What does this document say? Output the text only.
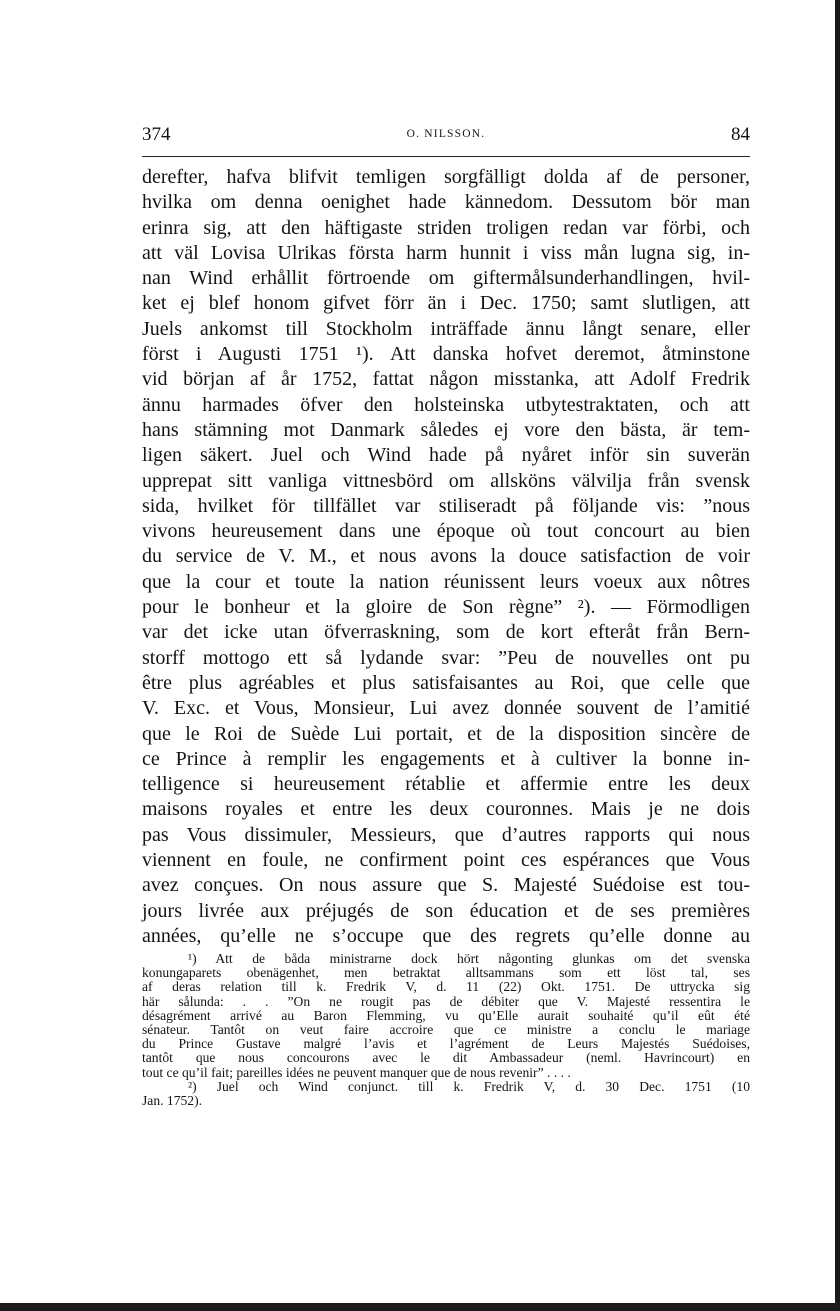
374	O. NILSSON.	84
derefter, hafva blifvit temligen sorgfälligt dolda af de personer,
hvilka om denna oenighet hade kännedom. Dessutom bör man
erinra sig, att den häftigaste striden troligen redan var förbi, och
att väl Lovisa Ulrikas första harm hunnit i viss mån lugna sig, in-
nan Wind erhållit förtroende om giftermålsunderhandlingen, hvil-
ket ej blef honom gifvet förr än i Dec. 1750; samt slutligen, att
Juels ankomst till Stockholm inträffade ännu långt senare, eller
först i Augusti 1751 ¹). Att danska hofvet deremot, åtminstone
vid början af år 1752, fattat någon misstanka, att Adolf Fredrik
ännu harmades öfver den holsteinska utbytestraktaten, och att
hans stämning mot Danmark således ej vore den bästa, är tem-
ligen säkert. Juel och Wind hade på nyåret inför sin suverän
upprepat sitt vanliga vittnesbörd om allsköns välvilja från svensk
sida, hvilket för tillfället var stiliseradt på följande vis: ”nous
vivons heureusement dans une époque où tout concourt au bien
du service de V. M., et nous avons la douce satisfaction de voir
que la cour et toute la nation réunissent leurs voeux aux nôtres
pour le bonheur et la gloire de Son règne” ²). — Förmodligen
var det icke utan öfverraskning, som de kort efteråt från Bern-
storff mottogo ett så lydande svar: ”Peu de nouvelles ont pu
être plus agréables et plus satisfaisantes au Roi, que celle que
V. Exc. et Vous, Monsieur, Lui avez donnée souvent de l’amitié
que le Roi de Suède Lui portait, et de la disposition sincère de
ce Prince à remplir les engagements et à cultiver la bonne in-
telligence si heureusement rétablie et affermie entre les deux
maisons royales et entre les deux couronnes. Mais je ne dois
pas Vous dissimuler, Messieurs, que d’autres rapports qui nous
viennent en foule, ne confirment point ces espérances que Vous
avez conçues. On nous assure que S. Majesté Suédoise est tou-
jours livrée aux préjugés de son éducation et de ses premières
années, qu’elle ne s’occupe que des regrets qu’elle donne au
¹) Att de båda ministrarne dock hört någonting glunkas om det svenska
konungaparets obenägenhet, men betraktat alltsammans som ett löst tal, ses
af deras relation till k. Fredrik V, d. 11 (22) Okt. 1751. De uttrycka sig
här sålunda: . . ”On ne rougit pas de débiter que V. Majesté ressentira le
désagrément arrivé au Baron Flemming, vu qu’Elle aurait souhaité qu’il eût été
sénateur. Tantôt on veut faire accroire que ce ministre a conclu le mariage
du Prince Gustave malgré l’avis et l’agrément de Leurs Majestés Suédoises,
tantôt que nous concourons avec le dit Ambassadeur (neml. Havrincourt) en
tout ce qu’il fait; pareilles idées ne peuvent manquer que de nous revenir” . . . .
²) Juel och Wind conjunct. till k. Fredrik V, d. 30 Dec. 1751 (10
Jan. 1752).
